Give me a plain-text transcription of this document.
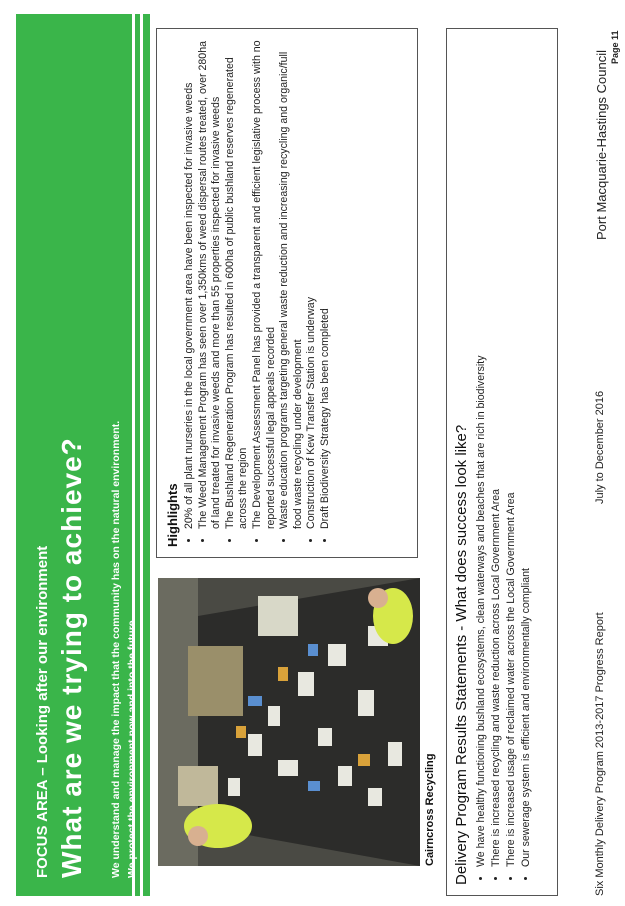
FOCUS AREA – Looking after our environment What are we trying to achieve? We understand and manage the impact that the community has on the natural environment. We protect the environment now and into the future.	Cairncross Recycling
Highlights • 20% of all plant nurseries in the local government area have been inspected for invasive weeds • The Weed Management Program has seen over 1,350kms of weed dispersal routes treated, over 280ha of land treated for invasive weeds and more than 55 properties inspected for invasive weeds • The Bushland Regeneration Program has resulted in 600ha of public bushland reserves regenerated across the region • The Development Assessment Panel has provided a transparent and efficient legislative process with no reported successful legal appeals recorded • Waste education programs targeting general waste reduction and increasing recycling and organic/full food waste recycling under development • Construction of Kew Transfer Station is underway • Draft Biodiversity Strategy has been completed
Delivery Program Results Statements - What does success look like? • We have healthy functioning bushland ecosystems, clean waterways and beaches that are rich in biodiversity • There is increased recycling and waste reduction across Local Government Area • There is increased usage of reclaimed water across the Local Government Area • Our sewerage system is efficient and environmentally compliant	Six Monthly Delivery Program 2013-2017 Progress Report
July to December 2016
Port Macquarie-Hastings Council
Page 11
